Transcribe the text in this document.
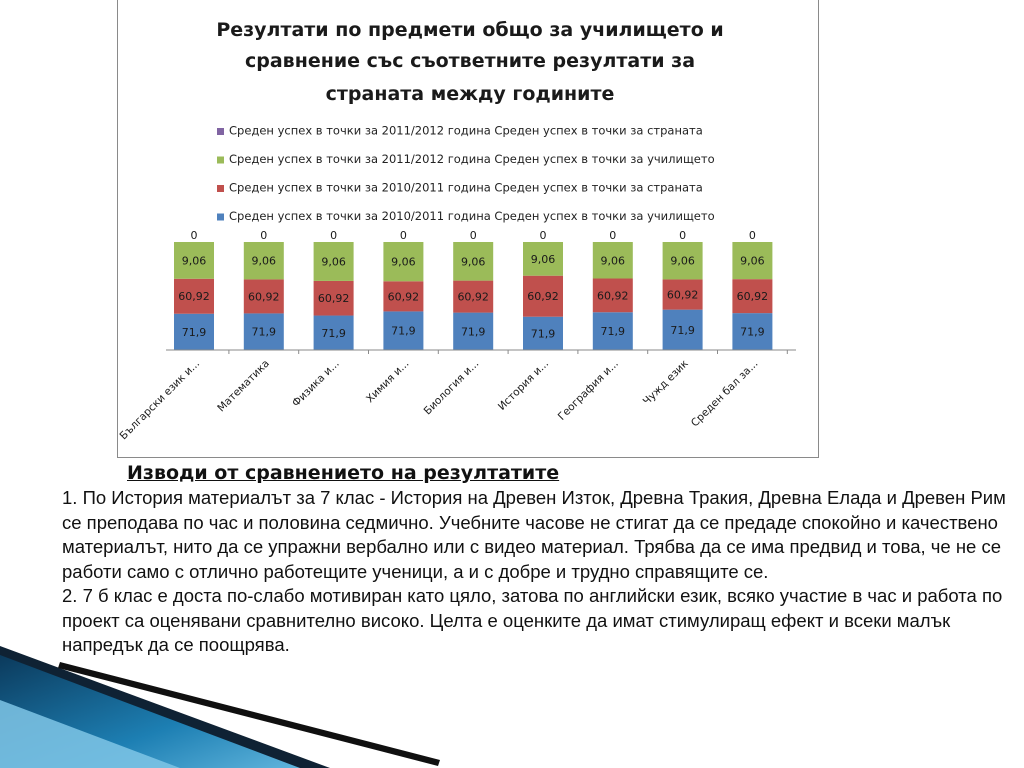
Резултати по предмети общо за училището и
сравнение със съответните резултати за
страната между годините
Среден успех в точки за 2011/2012 година Среден успех в точки за страната
Среден успех в точки за 2011/2012 година Среден успех в точки за училището
Среден успех в точки за 2010/2011 година Среден успех в точки за страната
Среден успех в точки за 2010/2011 година Среден успех в точки за училището
71,9
60,92
9,06
0
71,9
60,92
9,06
0
71,9
60,92
9,06
0
71,9
60,92
9,06
0
71,9
60,92
9,06
0
71,9
60,92
9,06
0
71,9
60,92
9,06
0
71,9
60,92
9,06
0
71,9
60,92
9,06
0
Български език и... Математика Физика и... Химия и... Биология и... История и... География и... Чужд език
Среден бал за...
Изводи от сравнението на резултатите

1. По История материалът за 7 клас - История на Древен Изток, Древна Тракия, Древна Елада и Древен Рим се преподава по час и половина седмично. Учебните часове не стигат да се предаде спокойно и качествено материалът, нито да се упражни вербално или с видео материал. Трябва да се има предвид и това, че не се работи само с отлично работещите ученици, а и с добре и трудно справящите се.

2. 7 б клас е доста по-слабо мотивиран като цяло, затова по английски език, всяко участие в час и работа по проект са оценявани сравнително високо. Целта е оценките да имат стимулиращ ефект и всеки малък напредък да се поощрява.
